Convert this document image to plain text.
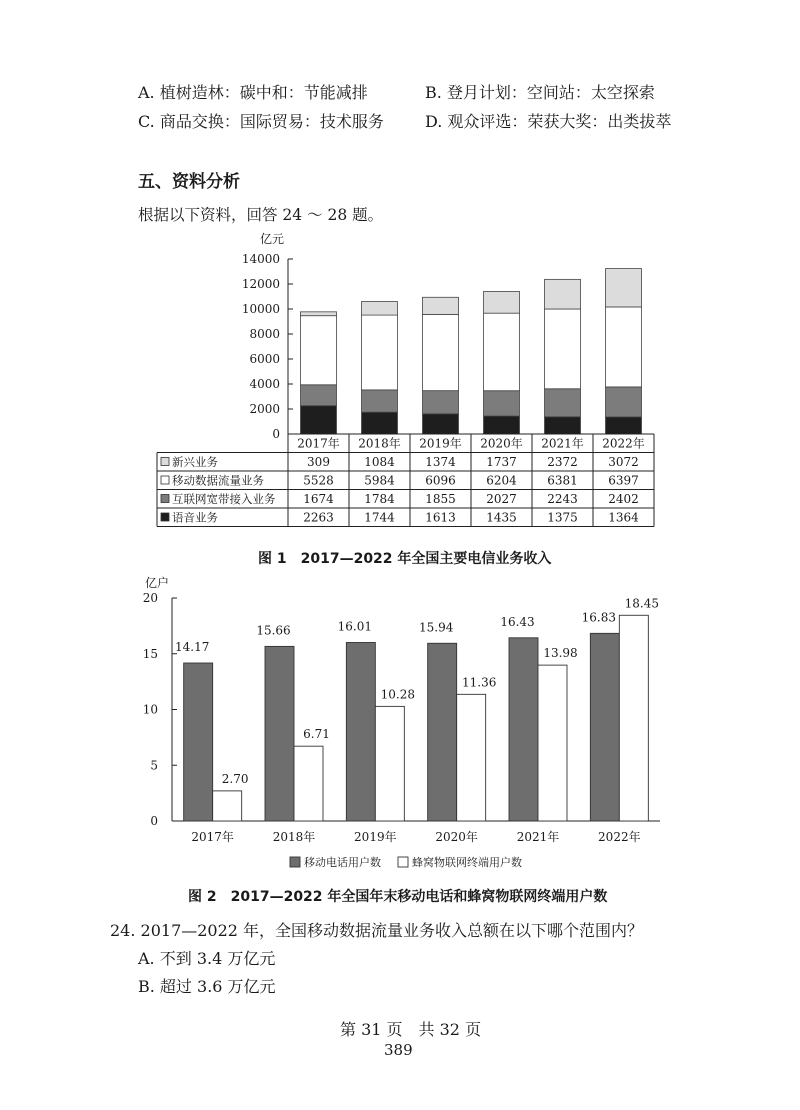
A. 植树造林：碳中和：节能减排	B. 登月计划：空间站：太空探索
C. 商品交换：国际贸易：技术服务	D. 观众评选：荣获大奖：出类拔萃
五、资料分析
根据以下资料，回答 24 ～ 28 题。
亿元
0
2000
4000
6000
8000
10000
12000
14000
2017年 2018年 2019年 2020年 2021年 2022年
新兴业务	309	1084	1374	1737	2372	3072
移动数据流量业务	5528	5984	6096	6204	6381	6397
互联网宽带接入业务 1674	1784	1855	2027	2243	2402
语音业务	2263	1744	1613	1435	1375	1364
图 1　2017—2022 年全国主要电信业务收入
亿户
0
5
10
15
20
14.17
2.70
2017年
15.66
6.71
2018年
16.01
10.28
2019年
15.94
11.36
2020年
16.43
13.98
2021年
16.83
18.45
2022年
移动电话用户数	蜂窝物联网终端用户数
图 2　2017—2022 年全国年末移动电话和蜂窝物联网终端用户数
24. 2017—2022 年，全国移动数据流量业务收入总额在以下哪个范围内？
A. 不到 3.4 万亿元
B. 超过 3.6 万亿元
第 31 页　共 32 页
389
